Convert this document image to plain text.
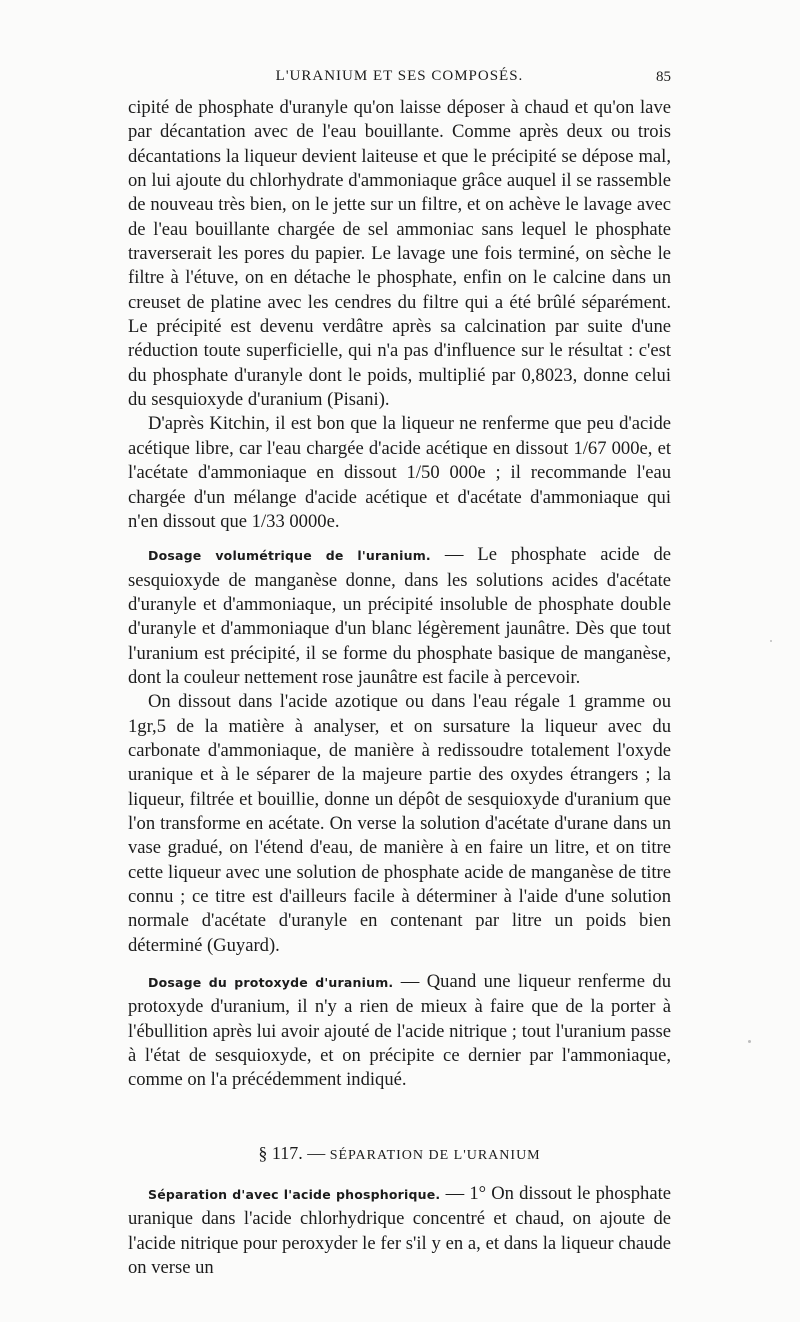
L'URANIUM ET SES COMPOSÉS.	85

cipité de phosphate d'uranyle qu'on laisse déposer à chaud et qu'on lave par décantation avec de l'eau bouillante. Comme après deux ou trois décantations la liqueur devient laiteuse et que le précipité se dépose mal, on lui ajoute du chlorhydrate d'ammoniaque grâce auquel il se rassemble de nouveau très bien, on le jette sur un filtre, et on achève le lavage avec de l'eau bouillante chargée de sel ammoniac sans lequel le phosphate traverserait les pores du papier. Le lavage une fois terminé, on sèche le filtre à l'étuve, on en détache le phosphate, enfin on le calcine dans un creuset de platine avec les cendres du filtre qui a été brûlé séparément. Le précipité est devenu verdâtre après sa calcination par suite d'une réduction toute superficielle, qui n'a pas d'influence sur le résultat : c'est du phosphate d'uranyle dont le poids, multiplié par 0,8023, donne celui du sesquioxyde d'uranium (Pisani).

D'après Kitchin, il est bon que la liqueur ne renferme que peu d'acide acétique libre, car l'eau chargée d'acide acétique en dissout 1/67 000e, et l'acétate d'ammoniaque en dissout 1/50 000e ; il recommande l'eau chargée d'un mélange d'acide acétique et d'acétate d'ammoniaque qui n'en dissout que 1/33 0000e.

Dosage volumétrique de l'uranium. — Le phosphate acide de sesquioxyde de manganèse donne, dans les solutions acides d'acétate d'uranyle et d'ammoniaque, un précipité insoluble de phosphate double d'uranyle et d'ammoniaque d'un blanc légèrement jaunâtre. Dès que tout l'uranium est précipité, il se forme du phosphate basique de manganèse, dont la couleur nettement rose jaunâtre est facile à percevoir.

On dissout dans l'acide azotique ou dans l'eau régale 1 gramme ou 1gr,5 de la matière à analyser, et on sursature la liqueur avec du carbonate d'ammoniaque, de manière à redissoudre totalement l'oxyde uranique et à le séparer de la majeure partie des oxydes étrangers ; la liqueur, filtrée et bouillie, donne un dépôt de sesquioxyde d'uranium que l'on transforme en acétate. On verse la solution d'acétate d'urane dans un vase gradué, on l'étend d'eau, de manière à en faire un litre, et on titre cette liqueur avec une solution de phosphate acide de manganèse de titre connu ; ce titre est d'ailleurs facile à déterminer à l'aide d'une solution normale d'acétate d'uranyle en contenant par litre un poids bien déterminé (Guyard).

Dosage du protoxyde d'uranium. — Quand une liqueur renferme du protoxyde d'uranium, il n'y a rien de mieux à faire que de la porter à l'ébullition après lui avoir ajouté de l'acide nitrique ; tout l'uranium passe à l'état de sesquioxyde, et on précipite ce dernier par l'ammoniaque, comme on l'a précédemment indiqué.

§ 117. — SÉPARATION DE L'URANIUM

Séparation d'avec l'acide phosphorique. — 1° On dissout le phosphate uranique dans l'acide chlorhydrique concentré et chaud, on ajoute de l'acide nitrique pour peroxyder le fer s'il y en a, et dans la liqueur chaude on verse un
